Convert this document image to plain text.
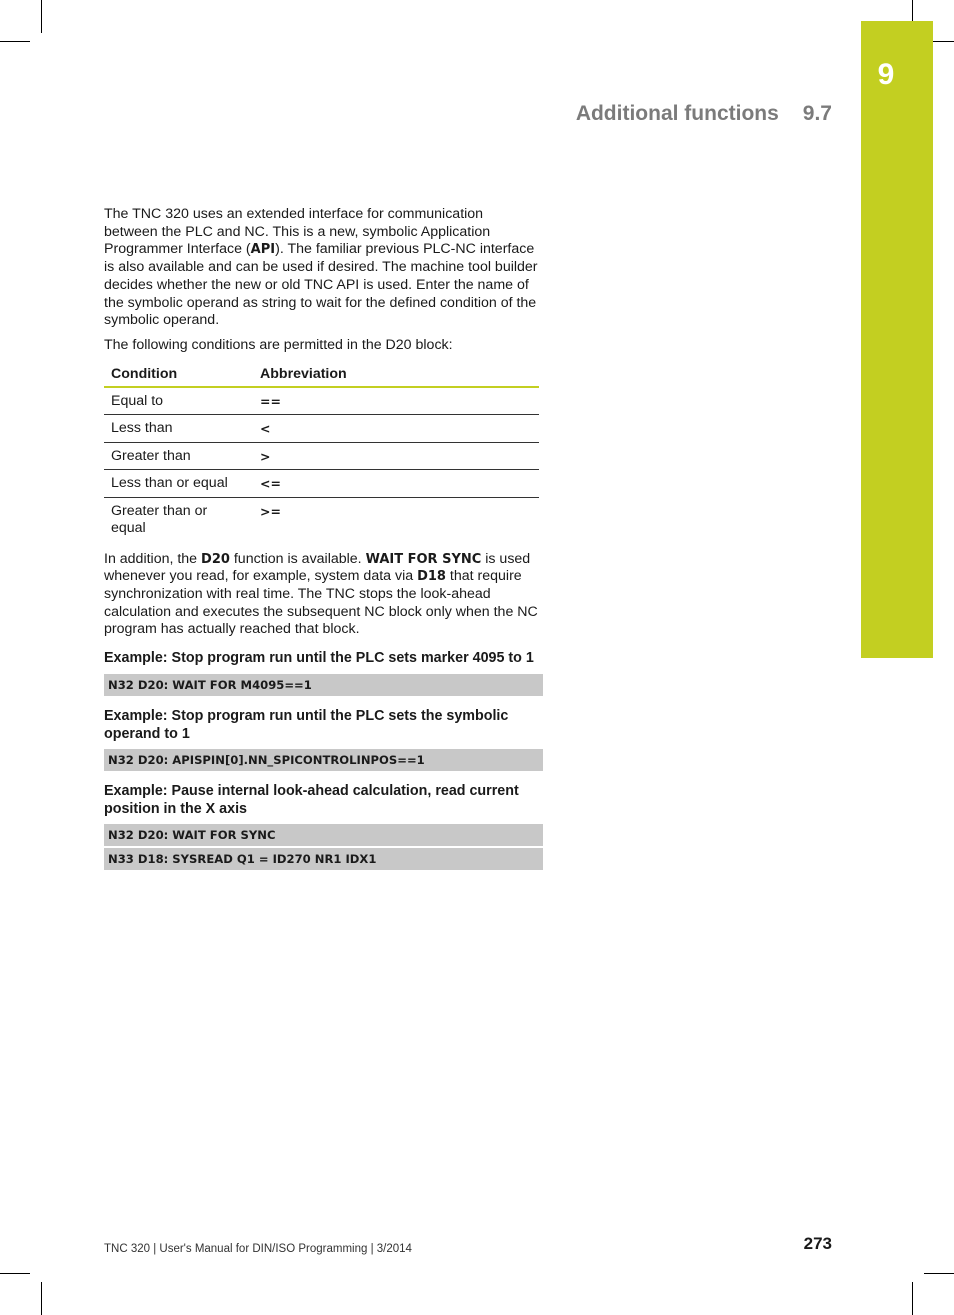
9
Additional functions 9.7

The TNC 320 uses an extended interface for communication between the PLC and NC. This is a new, symbolic Application Programmer Interface (API). The familiar previous PLC-NC interface is also available and can be used if desired. The machine tool builder decides whether the new or old TNC API is used. Enter the name of the symbolic operand as string to wait for the defined condition of the symbolic operand.

The following conditions are permitted in the D20 block:

Condition	Abbreviation
Equal to	==
Less than	<
Greater than	>
Less than or equal	<=
Greater than or equal	>=

In addition, the D20 function is available. WAIT FOR SYNC is used whenever you read, for example, system data via D18 that require synchronization with real time. The TNC stops the look-ahead calculation and executes the subsequent NC block only when the NC program has actually reached that block.

Example: Stop program run until the PLC sets marker 4095 to 1
N32 D20: WAIT FOR M4095==1
Example: Stop program run until the PLC sets the symbolic operand to 1
N32 D20: APISPIN[0].NN_SPICONTROLINPOS==1
Example: Pause internal look-ahead calculation, read current position in the X axis
N32 D20: WAIT FOR SYNC
N33 D18: SYSREAD Q1 = ID270 NR1 IDX1
TNC 320 | User's Manual for DIN/ISO Programming | 3/2014	273
